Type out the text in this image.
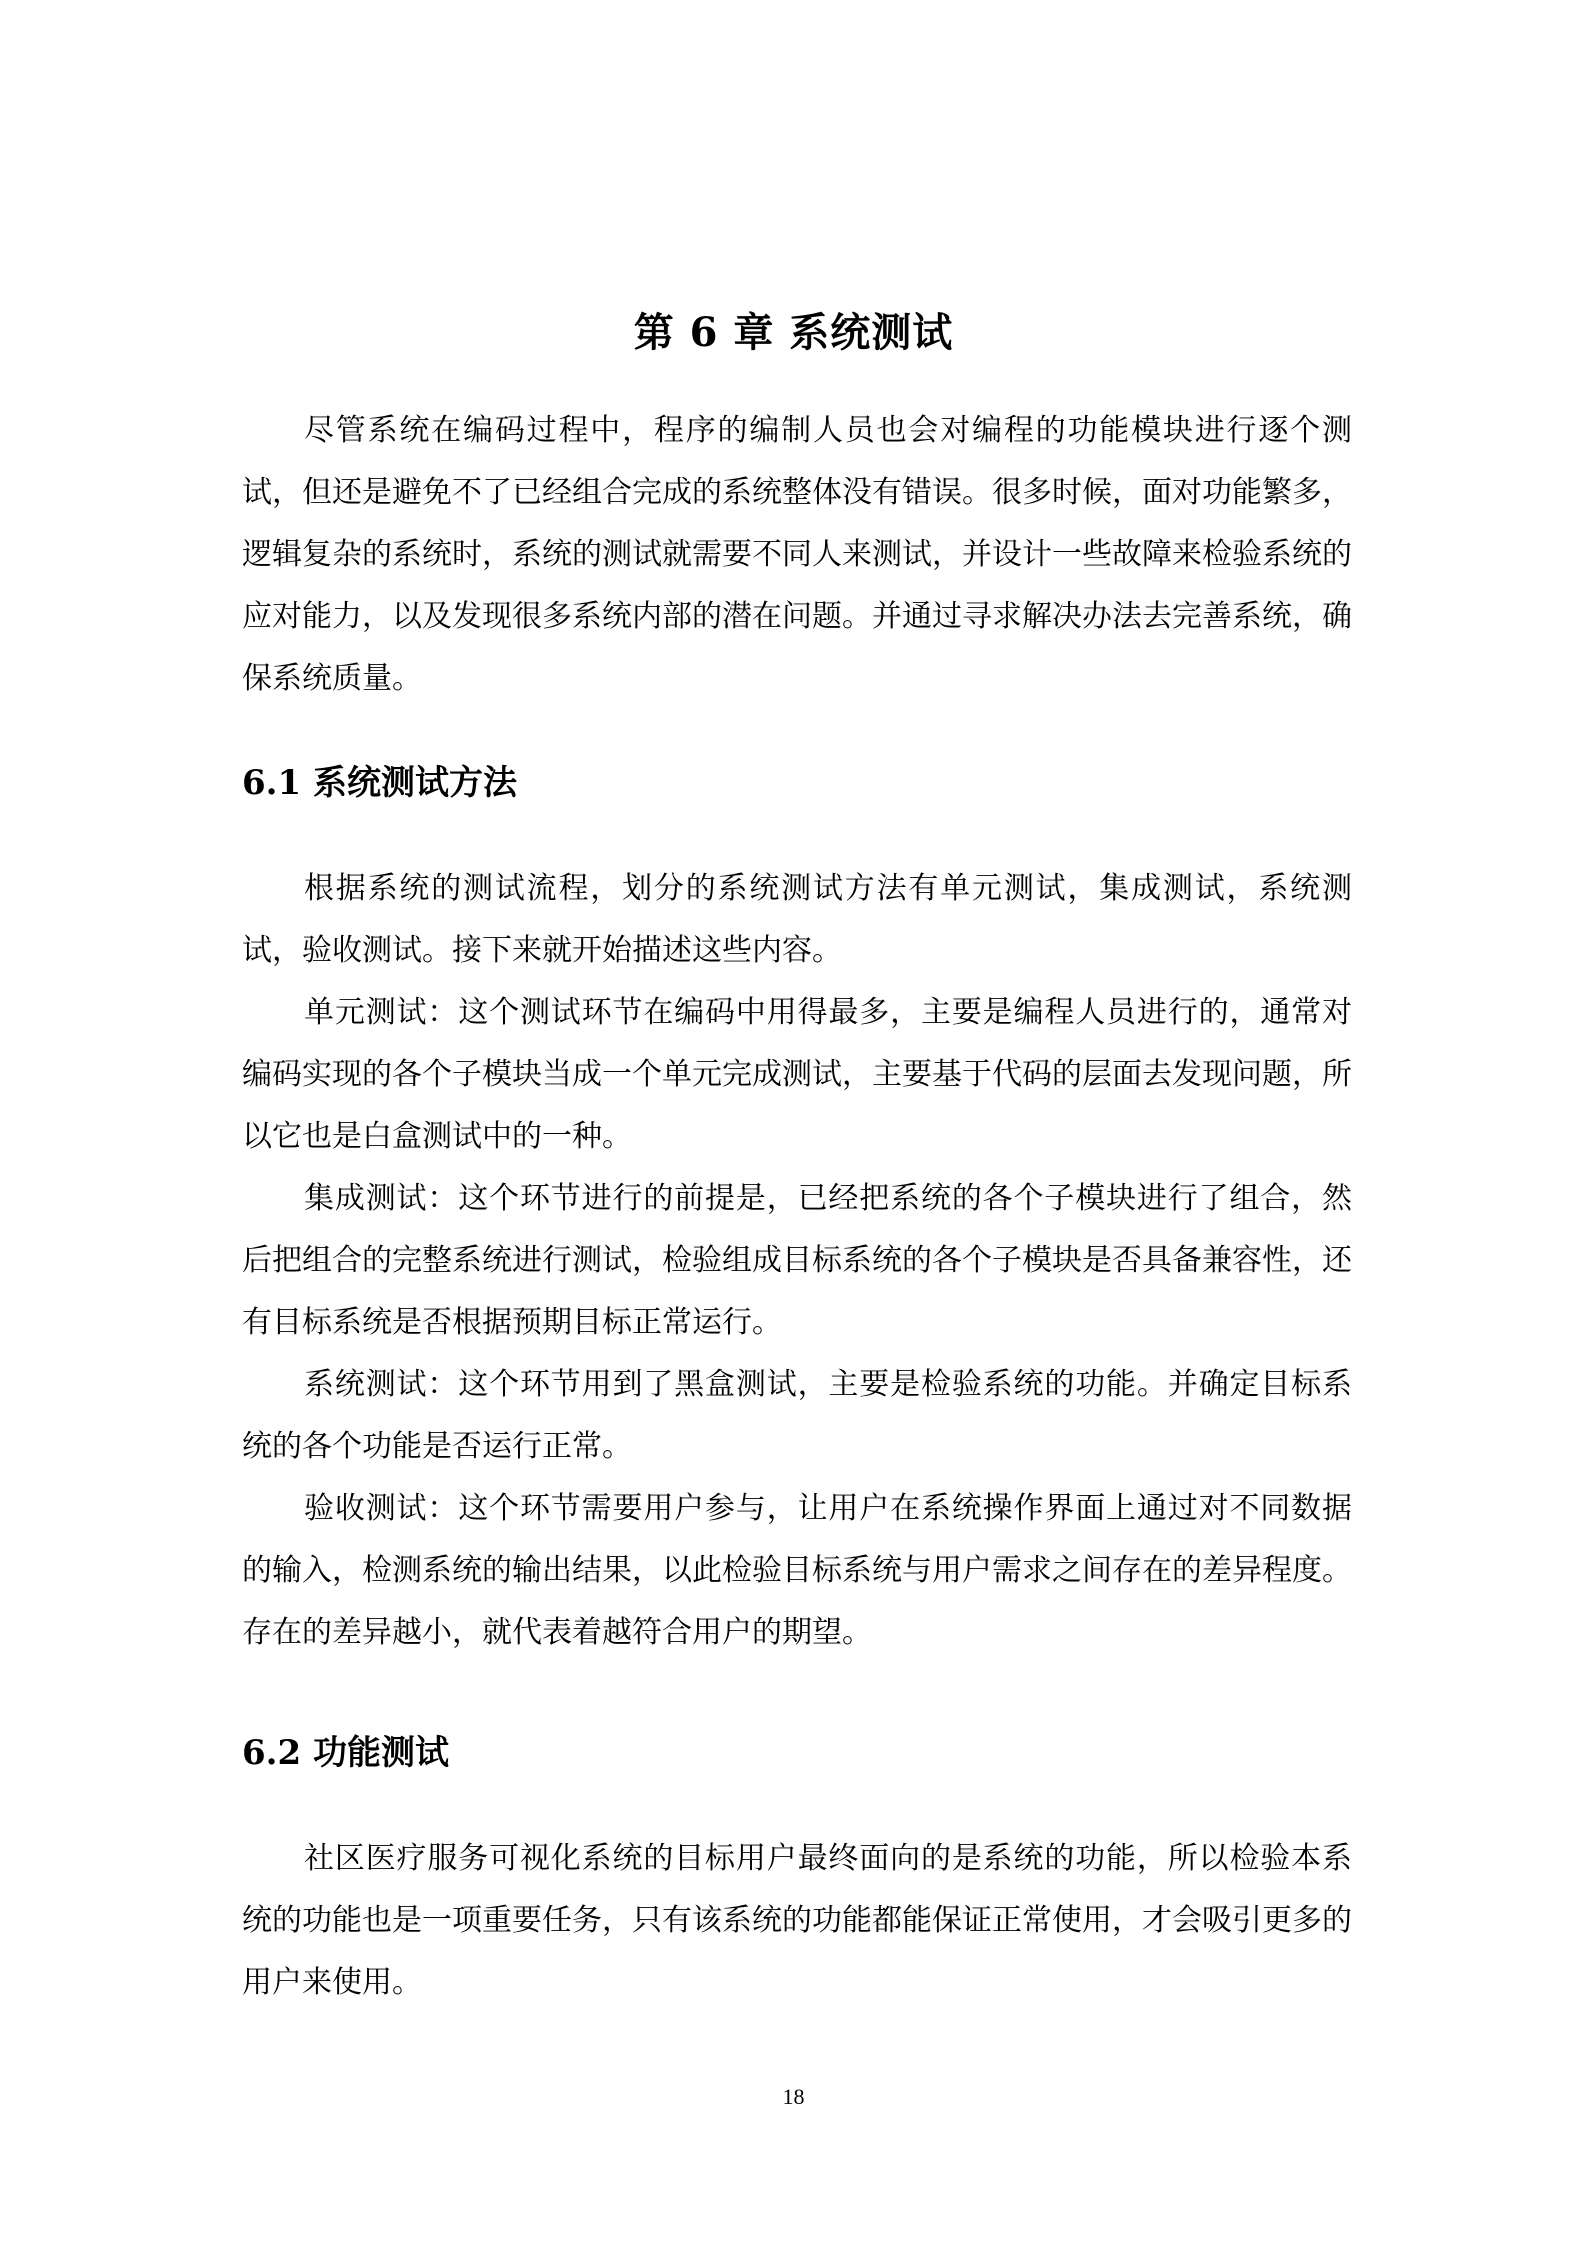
第 6 章 系统测试

尽管系统在编码过程中，程序的编制人员也会对编程的功能模块进行逐个测试，但还是避免不了已经组合完成的系统整体没有错误。很多时候，面对功能繁多，逻辑复杂的系统时，系统的测试就需要不同人来测试，并设计一些故障来检验系统的应对能力，以及发现很多系统内部的潜在问题。并通过寻求解决办法去完善系统，确保系统质量。

6.1 系统测试方法

根据系统的测试流程，划分的系统测试方法有单元测试，集成测试，系统测试，验收测试。接下来就开始描述这些内容。

单元测试：这个测试环节在编码中用得最多，主要是编程人员进行的，通常对编码实现的各个子模块当成一个单元完成测试，主要基于代码的层面去发现问题，所以它也是白盒测试中的一种。

集成测试：这个环节进行的前提是，已经把系统的各个子模块进行了组合，然后把组合的完整系统进行测试，检验组成目标系统的各个子模块是否具备兼容性，还有目标系统是否根据预期目标正常运行。

系统测试：这个环节用到了黑盒测试，主要是检验系统的功能。并确定目标系统的各个功能是否运行正常。

验收测试：这个环节需要用户参与，让用户在系统操作界面上通过对不同数据的输入，检测系统的输出结果，以此检验目标系统与用户需求之间存在的差异程度。存在的差异越小，就代表着越符合用户的期望。

6.2 功能测试

社区医疗服务可视化系统的目标用户最终面向的是系统的功能，所以检验本系统的功能也是一项重要任务，只有该系统的功能都能保证正常使用，才会吸引更多的用户来使用。

18
